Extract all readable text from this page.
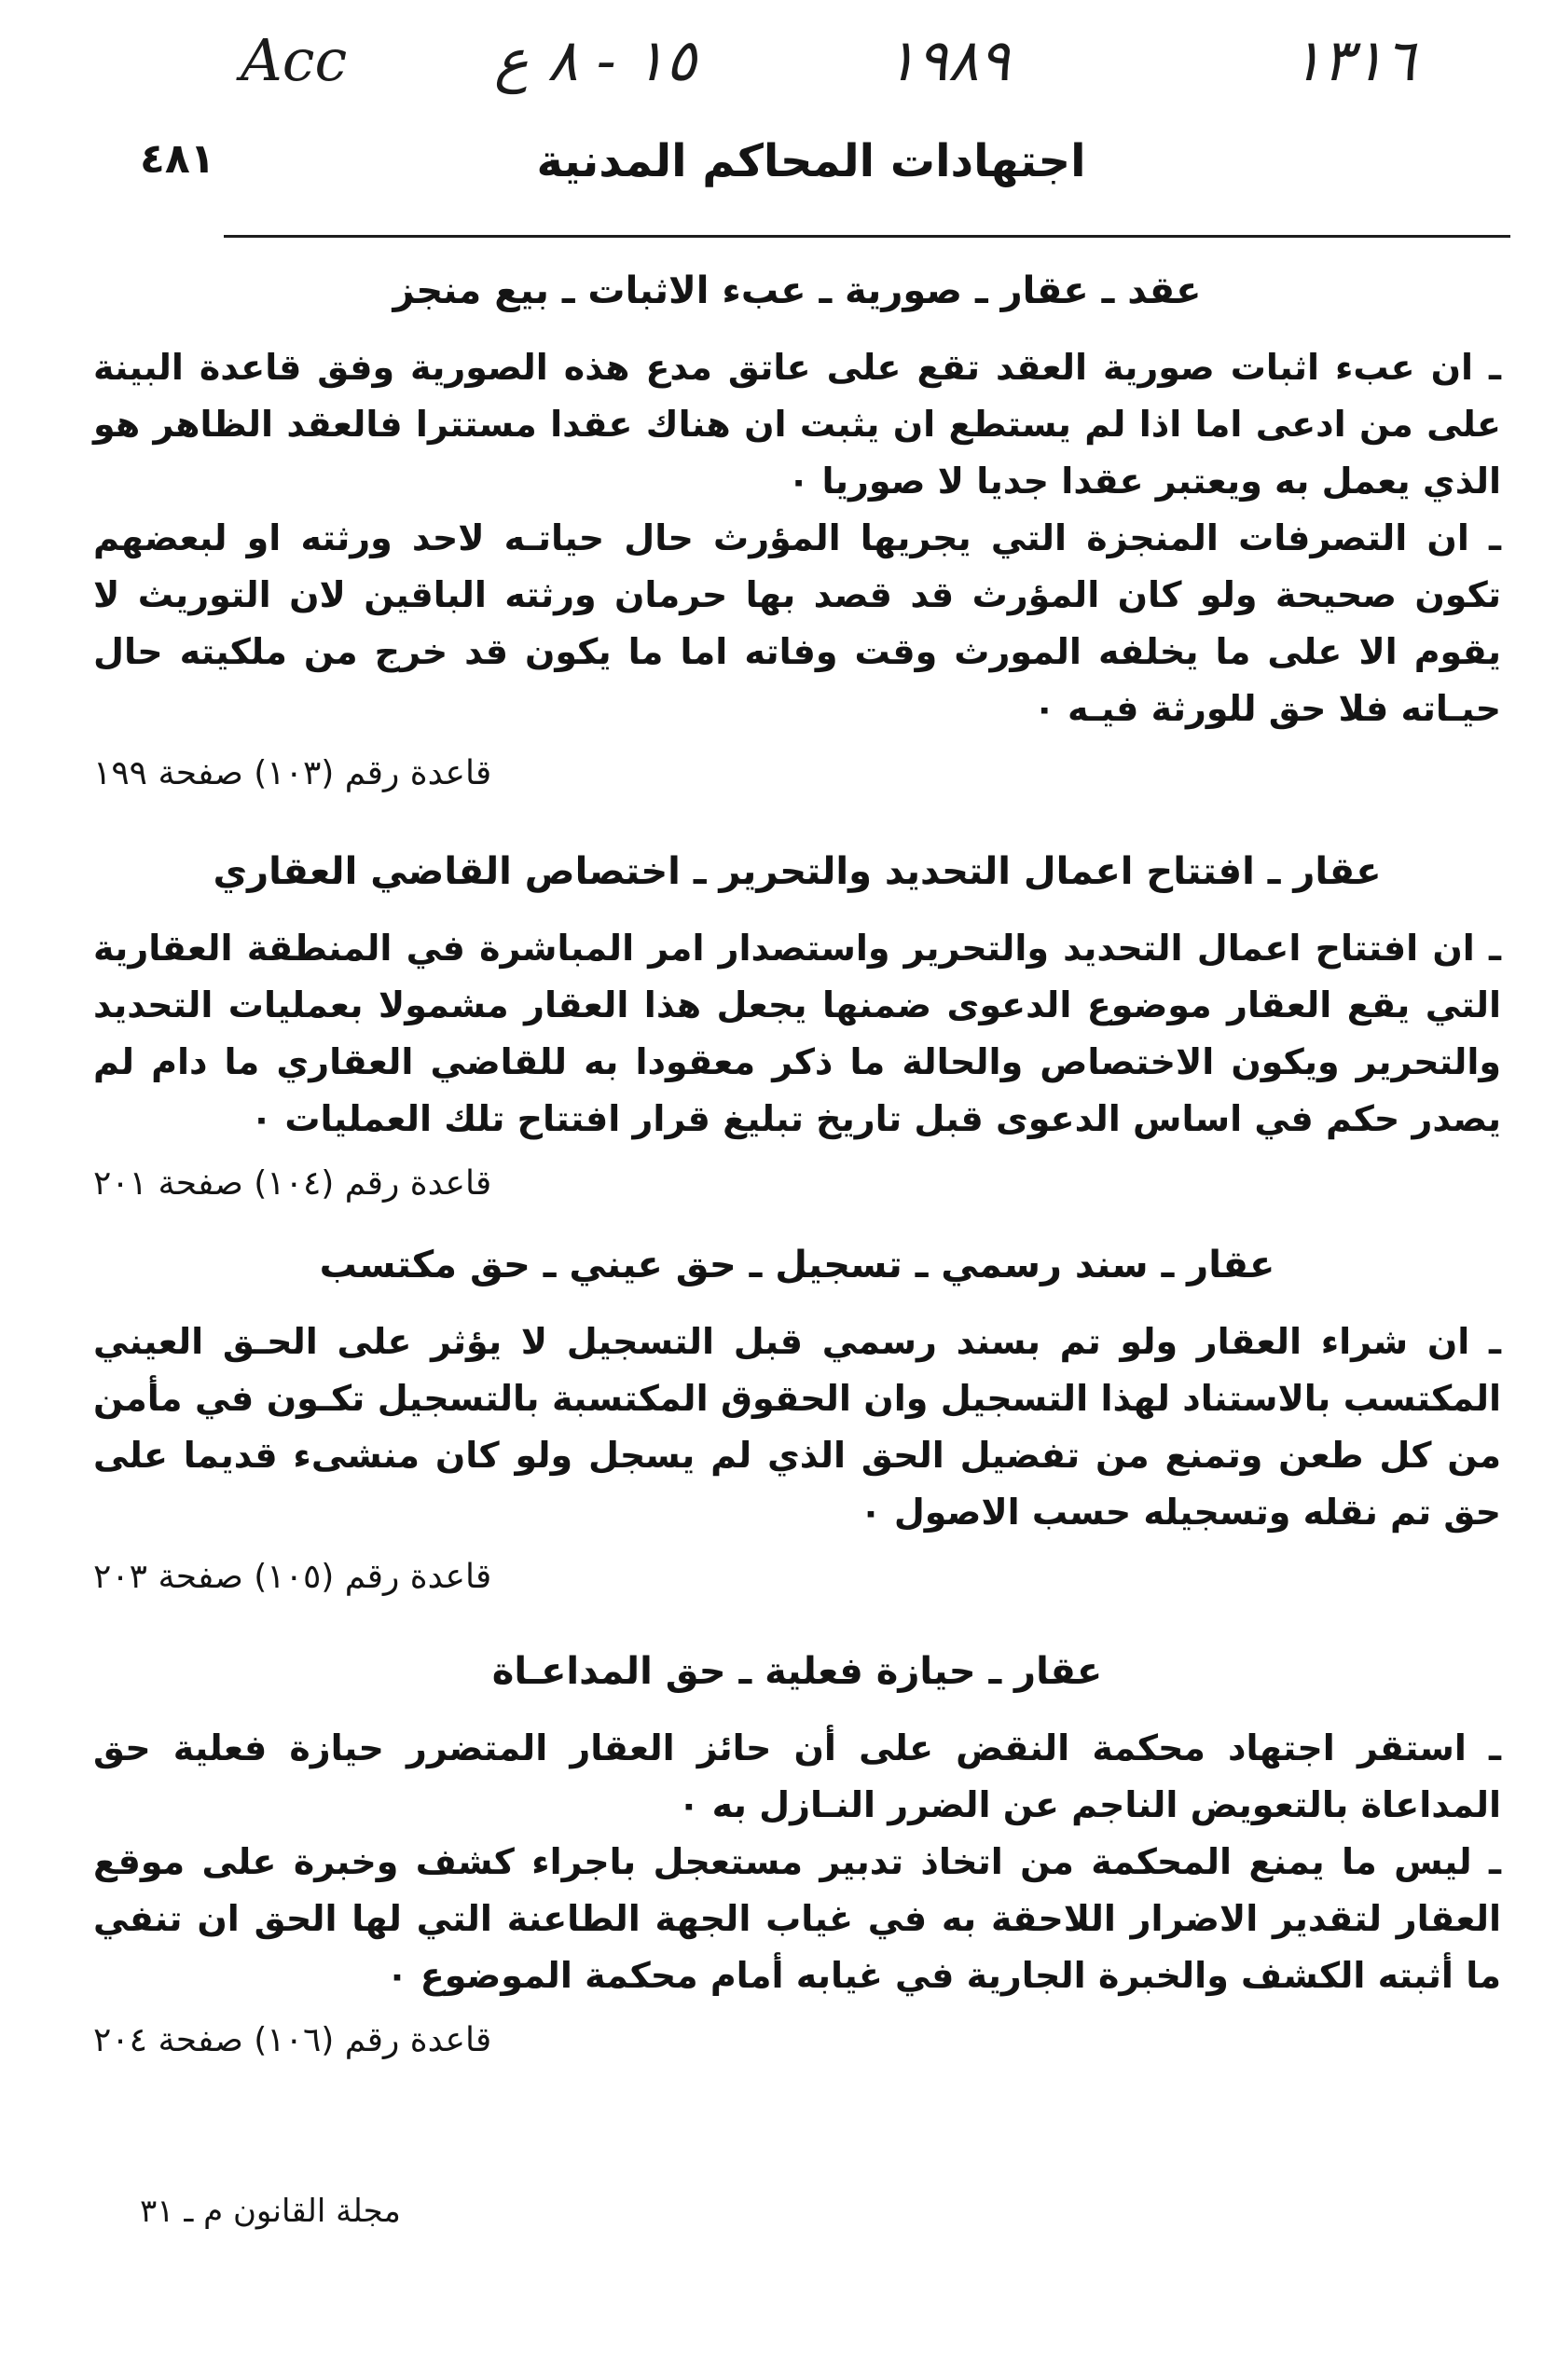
Acc	١٥ - ٨ ع	١٩٨٩	١٣١٦
٤٨١	اجتهادات المحاكم المدنية
عقد ـ عقار ـ صورية ـ عبء الاثبات ـ بيع منجز

ـ ان عبء اثبات صورية العقد تقع على عاتق مدع هذه الصورية وفق قاعدة البينة على من ادعى اما اذا لم يستطع ان يثبت ان هناك عقدا مستترا فالعقد الظاهر هو الذي يعمل به ويعتبر عقدا جديا لا صوريا ٠

ـ ان التصرفات المنجزة التي يجريها المؤرث حال حياتـه لاحد ورثته او لبعضهم تكون صحيحة ولو كان المؤرث قد قصد بها حرمان ورثته الباقين لان التوريث لا يقوم الا على ما يخلفه المورث وقت وفاته اما ما يكون قد خرج من ملكيته حال حيـاته فلا حق للورثة فيـه ٠

قاعدة رقم (١٠٣) صفحة ١٩٩
عقار ـ افتتاح اعمال التحديد والتحرير ـ اختصاص القاضي العقاري

ـ ان افتتاح اعمال التحديد والتحرير واستصدار امر المباشرة في المنطقة العقارية التي يقع العقار موضوع الدعوى ضمنها يجعل هذا العقار مشمولا بعمليات التحديد والتحرير ويكون الاختصاص والحالة ما ذكر معقودا به للقاضي العقاري ما دام لم يصدر حكم في اساس الدعوى قبل تاريخ تبليغ قرار افتتاح تلك العمليات ٠

قاعدة رقم (١٠٤) صفحة ٢٠١
عقار ـ سند رسمي ـ تسجيل ـ حق عيني ـ حق مكتسب

ـ ان شراء العقار ولو تم بسند رسمي قبل التسجيل لا يؤثر على الحـق العيني المكتسب بالاستناد لهذا التسجيل وان الحقوق المكتسبة بالتسجيل تكـون في مأمن من كل طعن وتمنع من تفضيل الحق الذي لم يسجل ولو كان منشىء قديما على حق تم نقله وتسجيله حسب الاصول ٠

قاعدة رقم (١٠٥) صفحة ٢٠٣
عقار ـ حيازة فعلية ـ حق المداعـاة

ـ استقر اجتهاد محكمة النقض على أن حائز العقار المتضرر حيازة فعلية حق المداعاة بالتعويض الناجم عن الضرر النـازل به ٠

ـ ليس ما يمنع المحكمة من اتخاذ تدبير مستعجل باجراء كشف وخبرة على موقع العقار لتقدير الاضرار اللاحقة به في غياب الجهة الطاعنة التي لها الحق ان تنفي ما أثبته الكشف والخبرة الجارية في غيابه أمام محكمة الموضوع ٠

قاعدة رقم (١٠٦) صفحة ٢٠٤
مجلة القانون م ـ ٣١
